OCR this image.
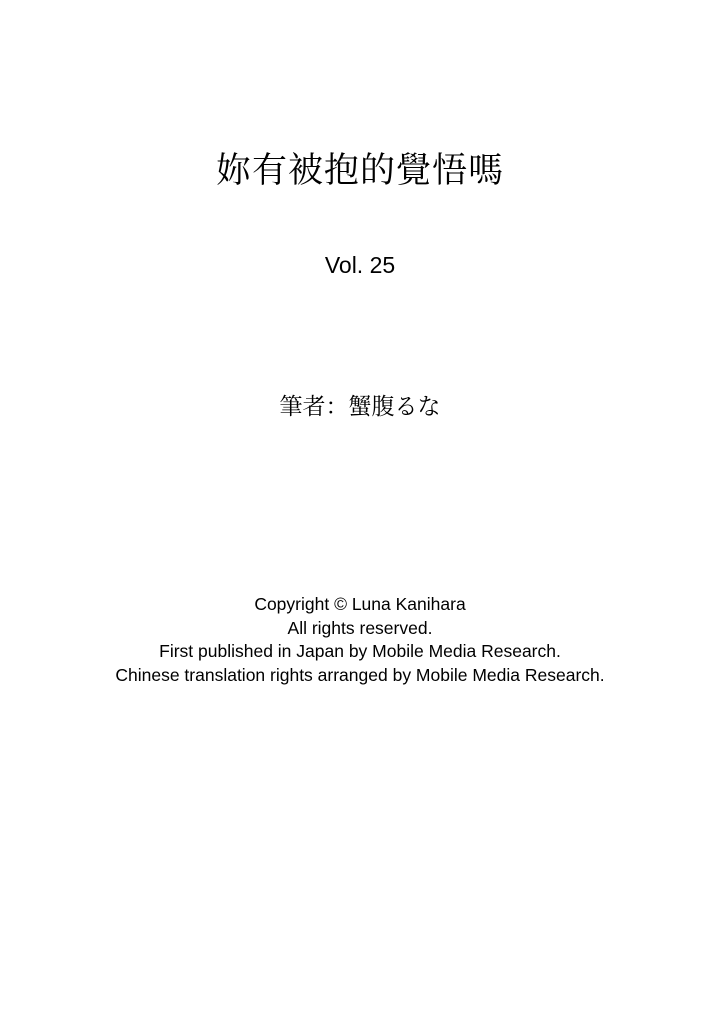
妳有被抱的覺悟嗎
Vol. 25
筆者：蟹腹るな
Copyright © Luna Kanihara
All rights reserved.
First published in Japan by Mobile Media Research.
Chinese translation rights arranged by Mobile Media Research.
